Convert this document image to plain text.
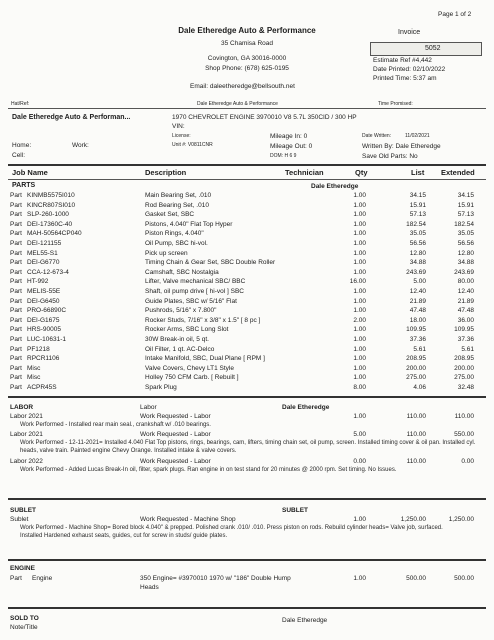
Page 1 of 2
Dale Etheredge Auto & Performance
35 Chamisa Road
Covington, GA 30016-0000
Shop Phone: (678) 625-0195
Email: daleetheredge@bellsouth.net
Invoice
5052
Estimate Ref #4,442
Date Printed: 02/10/2022
Printed Time: 5:37 am
Hat/Ref:	Dale Etheredge Auto & Performance	Time Promised:
Dale Etheredge Auto & Performan...	1970 CHEVROLET ENGINE 3970010 V8 5.7L 350CID / 300 HP
VIN:
License:
Unit #: V0811CNR
DOM: H 6 9
Mileage In: 0
Mileage Out: 0
Date Written:	11/02/2021
Written By: Dale Etheredge
Save Old Parts: No
Home:	Work:
Cell:
Job Name	Description	Technician	Qty	List Extended
PARTS	Dale Etheredge
Part KINMB5575I010	Main Bearing Set, .010	1.00	34.15	34.15
Part KINCR807SI010	Rod Bearing Set, .010	1.00	15.91	15.91
Part SLP-260-1000	Gasket Set, SBC	1.00	57.13	57.13
Part DEI-17360C-40	Pistons, 4.040" Flat Top Hyper	1.00	182.54	182.54
Part MAH-50564CP040	Piston Rings, 4.040"	1.00	35.05	35.05
Part DEI-121155	Oil Pump, SBC hi-vol.	1.00	56.56	56.56
Part MEL55-S1	Pick up screen	1.00	12.80	12.80
Part DEI-G6770	Timing Chain & Gear Set, SBC Double Roller	1.00	34.88	34.88
Part CCA-12-673-4	Camshaft, SBC Nostalgia	1.00	243.69	243.69
Part HT-992	Lifter, Valve mechanical SBC/ BBC	16.00	5.00	80.00
Part MELIS-55E	Shaft, oil pump drive [ hi-vol ] SBC	1.00	12.40	12.40
Part DEI-G6450	Guide Plates, SBC w/ 5/16" Flat	1.00	21.89	21.89
Part PRO-66890C	Pushrods, 5/16" x 7.800"	1.00	47.48	47.48
Part DEI-G1675	Rocker Studs, 7/16" x 3/8" x 1.5" [ 8 pc ]	2.00	18.00	36.00
Part HRS-90005	Rocker Arms, SBC Long Slot	1.00	109.95	109.95
Part LUC-10631-1	30W Break-in oil, 5 qt.	1.00	37.36	37.36
Part PF1218	Oil Filter, 1 qt. AC-Delco	1.00	5.61	5.61
Part RPCR1106	Intake Manifold, SBC, Dual Plane [ RPM ]	1.00	208.95	208.95
Part Misc	Valve Covers, Chevy LT1 Style	1.00	200.00	200.00
Part Misc	Holley 750 CFM Carb. [ Rebuilt ]	1.00	275.00	275.00
Part ACPR45S	Spark Plug	8.00	4.06	32.48
LABOR	Labor	Dale Etheredge
Labor 2021	Work Requested - Labor	1.00	110.00	110.00
Work Performed - Installed rear main seal., crankshaft w/ .010 bearings.
Labor 2021	Work Requested - Labor	5.00	110.00	550.00
Work Performed - 12-11-2021= Installed 4.040 Flat Top pistons, rings, bearings, cam, lifters, timing chain set, oil pump, screen. Installed timing cover & oil pan. Installed cyl. heads, valve train. Painted engine Chevy Orange. Installed intake & valve covers.
Labor 2022	Work Requested - Labor	0.00	110.00	0.00
Work Performed - Added Lucas Break-In oil, filter, spark plugs. Ran engine in on test stand for 20 minutes @ 2000 rpm. Set timing. No Issues.
SUBLET	SUBLET
Sublet	Work Requested - Machine Shop	1.00	1,250.00	1,250.00
Work Performed - Machine Shop= Bored block 4.040" & prepped. Polished crank .010/ .010. Press piston on rods. Rebuild cylinder heads= Valve job, surfaced. Installed Hardened exhaust seats, guides, cut for screw in studs/ guide plates.
ENGINE
Part Engine	350 Engine= #3970010 1970 w/ "186" Double Hump
Heads
1.00	500.00	500.00
SOLD TO
Note/Title
Dale Etheredge
